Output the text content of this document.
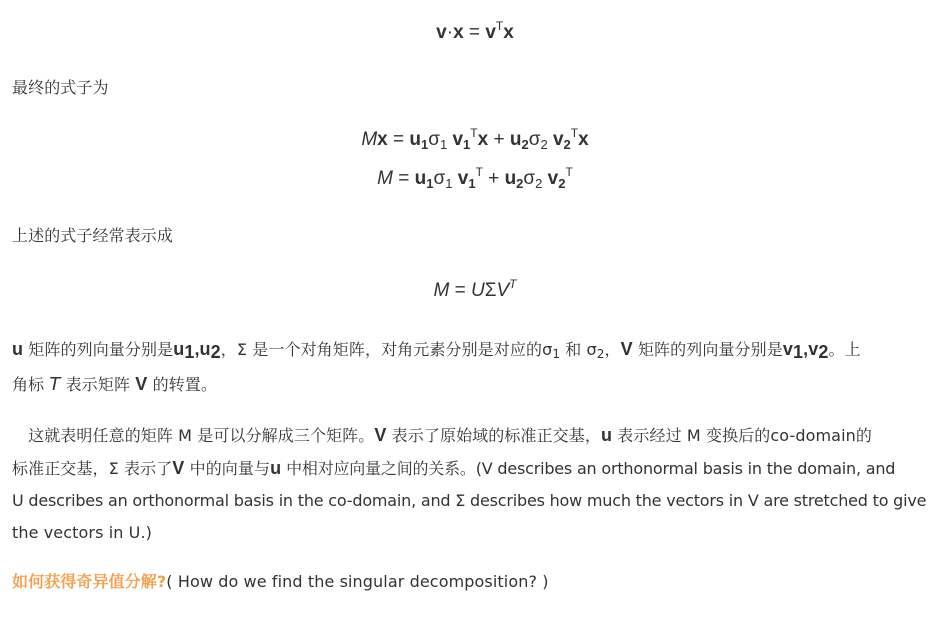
$v\cdot x = v^Tx$
最终的式子为
$Mx = u_1\sigma_1$ $v_1^Tx + u_2\sigma_2$ $v_2^Tx$
$M = u_1\sigma_1$ $v_1^T + u_2\sigma_2$ $v_2^T$
上述的式子经常表示成
$M = U\Sigma V^T$
u 矩阵的列向量分别是$u_1,u_2$，Σ 是一个对角矩阵，对角元素分别是对应的$\sigma_1$ 和 $\sigma_2$，V 矩阵的列向量分别是$v_1,v_2$。上
角标 T 表示矩阵 V 的转置。
　这就表明任意的矩阵 M 是可以分解成三个矩阵。V 表示了原始域的标准正交基，u 表示经过 M 变换后的co-domain的
标准正交基，Σ 表示了V 中的向量与u 中相对应向量之间的关系。(V describes an orthonormal basis in the domain, and
U describes an orthonormal basis in the co-domain, and Σ describes how much the vectors in V are stretched to give
the vectors in U.)
如何获得奇异值分解?( How do we find the singular decomposition? )
